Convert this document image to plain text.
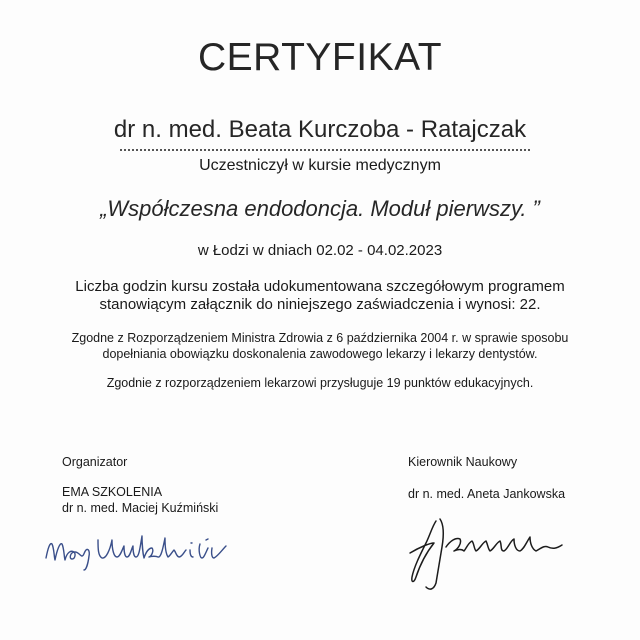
CERTYFIKAT
dr n. med. Beata Kurczoba - Ratajczak
Uczestniczył w kursie medycznym
„Współczesna endodoncja. Moduł pierwszy. ”
w Łodzi w dniach 02.02 - 04.02.2023
Liczba godzin kursu została udokumentowana szczegółowym programem
stanowiącym załącznik do niniejszego zaświadczenia i wynosi: 22.
Zgodne z Rozporządzeniem Ministra Zdrowia z 6 października 2004 r. w sprawie sposobu
dopełniania obowiązku doskonalenia zawodowego lekarzy i lekarzy dentystów.
Zgodnie z rozporządzeniem lekarzowi przysługuje 19 punktów edukacyjnych.
Organizator
EMA SZKOLENIA
dr n. med. Maciej Kuźmiński
Kierownik Naukowy
dr n. med. Aneta Jankowska
